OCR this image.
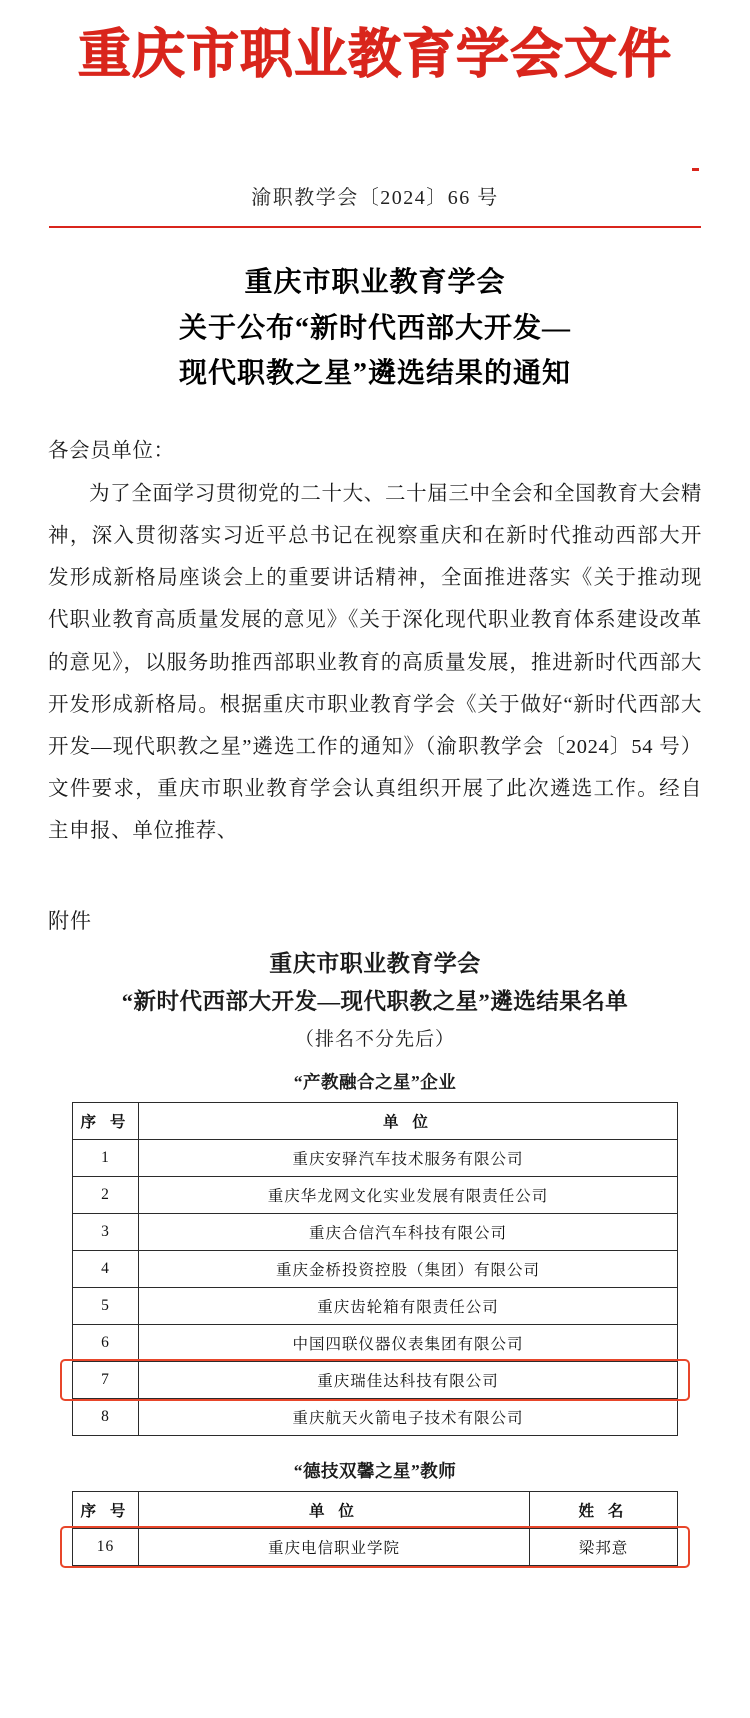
重庆市职业教育学会文件
渝职教学会〔2024〕66 号
重庆市职业教育学会
关于公布“新时代西部大开发—
现代职教之星”遴选结果的通知
各会员单位：
为了全面学习贯彻党的二十大、二十届三中全会和全国教育大会精神，深入贯彻落实习近平总书记在视察重庆和在新时代推动西部大开发形成新格局座谈会上的重要讲话精神，全面推进落实《关于推动现代职业教育高质量发展的意见》《关于深化现代职业教育体系建设改革的意见》，以服务助推西部职业教育的高质量发展，推进新时代西部大开发形成新格局。根据重庆市职业教育学会《关于做好“新时代西部大开发—现代职教之星”遴选工作的通知》（渝职教学会〔2024〕54 号）文件要求，重庆市职业教育学会认真组织开展了此次遴选工作。经自主申报、单位推荐、
附件
重庆市职业教育学会
“新时代西部大开发—现代职教之星”遴选结果名单
（排名不分先后）
“产教融合之星”企业
序 号	单 位
1	重庆安驿汽车技术服务有限公司
2	重庆华龙网文化实业发展有限责任公司
3	重庆合信汽车科技有限公司
4	重庆金桥投资控股（集团）有限公司
5	重庆齿轮箱有限责任公司
6	中国四联仪器仪表集团有限公司
7	重庆瑞佳达科技有限公司
8	重庆航天火箭电子技术有限公司
“德技双馨之星”教师
序 号	单 位	姓 名
16	重庆电信职业学院	梁邦意
